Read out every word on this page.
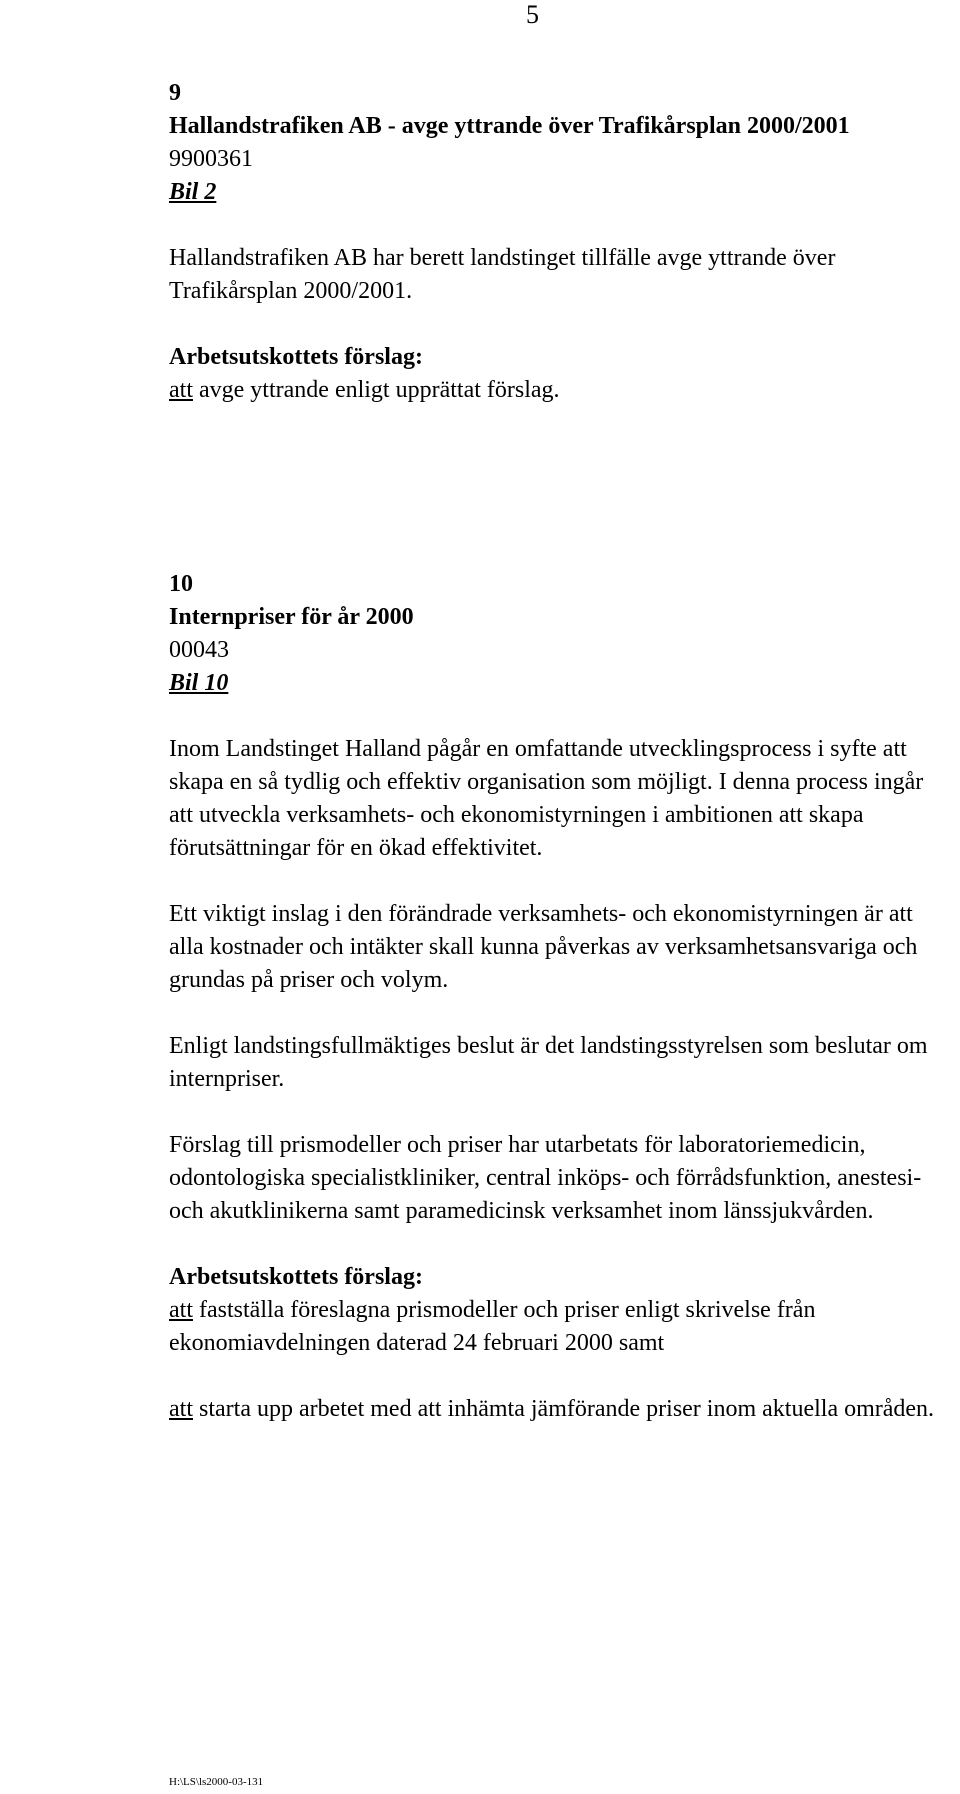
5

9

Hallandstrafiken AB - avge yttrande över Trafikårsplan 2000/2001

9900361

Bil 2

Hallandstrafiken AB har berett landstinget tillfälle avge yttrande över Trafikårsplan 2000/2001.

Arbetsutskottets förslag:

att avge yttrande enligt upprättat förslag.

10

Internpriser för år 2000

00043

Bil 10

Inom Landstinget Halland pågår en omfattande utvecklingsprocess i syfte att skapa en så tydlig och effektiv organisation som möjligt. I denna process ingår att utveckla verksamhets- och ekonomistyrningen i ambitionen att skapa förutsättningar för en ökad effektivitet.

Ett viktigt inslag i den förändrade verksamhets- och ekonomistyrningen är att alla kostnader och intäkter skall kunna påverkas av verksamhetsansvariga och grundas på priser och volym.

Enligt landstingsfullmäktiges beslut är det landstingsstyrelsen som beslutar om internpriser.

Förslag till prismodeller och priser har utarbetats för laboratoriemedicin, odontologiska specialistkliniker, central inköps- och förrådsfunktion, anestesi- och akutklinikerna samt paramedicinsk verksamhet inom länssjukvården.

Arbetsutskottets förslag:

att fastställa föreslagna prismodeller och priser enligt skrivelse från ekonomiavdelningen daterad 24 februari 2000 samt

att starta upp arbetet med att inhämta jämförande priser inom aktuella områden.

H:\LS\ls2000-03-131
